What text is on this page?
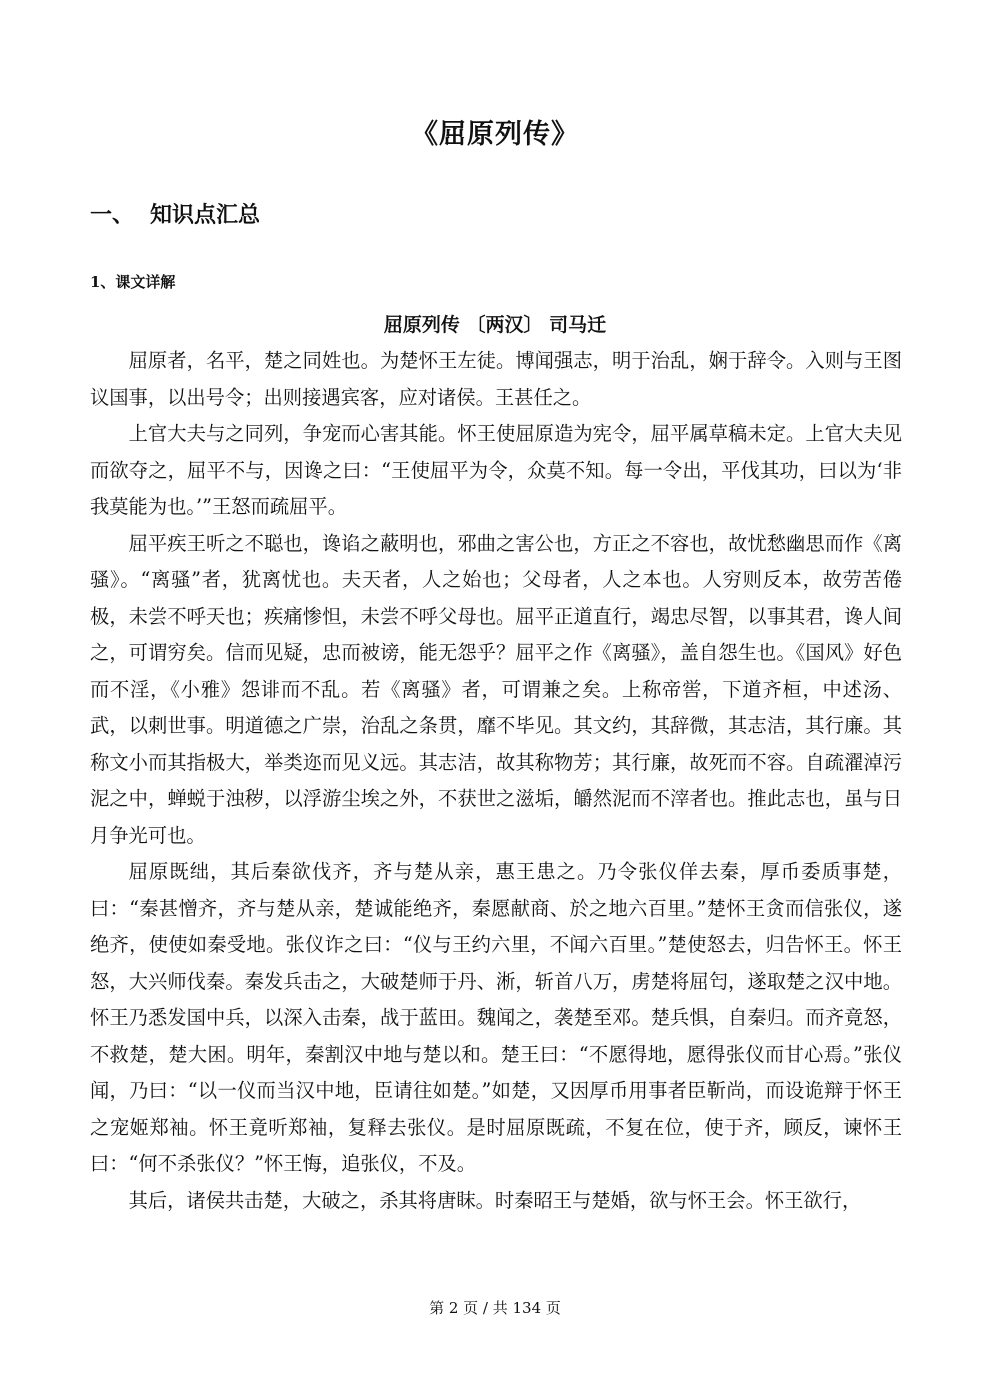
《屈原列传》
一、 知识点汇总
1、课文详解
屈原列传 〔两汉〕 司马迁

屈原者，名平，楚之同姓也。为楚怀王左徒。博闻强志，明于治乱，娴于辞令。入则与王图议国事，以出号令；出则接遇宾客，应对诸侯。王甚任之。

上官大夫与之同列，争宠而心害其能。怀王使屈原造为宪令，屈平属草稿未定。上官大夫见而欲夺之，屈平不与，因谗之曰：“王使屈平为令，众莫不知。每一令出，平伐其功，曰以为‘非我莫能为也。’”王怒而疏屈平。

屈平疾王听之不聪也，谗谄之蔽明也，邪曲之害公也，方正之不容也，故忧愁幽思而作《离骚》。“离骚”者，犹离忧也。夫天者，人之始也；父母者，人之本也。人穷则反本，故劳苦倦极，未尝不呼天也；疾痛惨怛，未尝不呼父母也。屈平正道直行，竭忠尽智，以事其君，谗人间之，可谓穷矣。信而见疑，忠而被谤，能无怨乎？屈平之作《离骚》，盖自怨生也。《国风》好色而不淫，《小雅》怨诽而不乱。若《离骚》者，可谓兼之矣。上称帝喾，下道齐桓，中述汤、武，以刺世事。明道德之广崇，治乱之条贯，靡不毕见。其文约，其辞微，其志洁，其行廉。其称文小而其指极大，举类迩而见义远。其志洁，故其称物芳；其行廉，故死而不容。自疏濯淖污泥之中，蝉蜕于浊秽，以浮游尘埃之外，不获世之滋垢，皭然泥而不滓者也。推此志也，虽与日月争光可也。

屈原既绌，其后秦欲伐齐，齐与楚从亲，惠王患之。乃令张仪佯去秦，厚币委质事楚，曰：“秦甚憎齐，齐与楚从亲，楚诚能绝齐，秦愿献商、於之地六百里。”楚怀王贪而信张仪，遂绝齐，使使如秦受地。张仪诈之曰：“仪与王约六里，不闻六百里。”楚使怒去，归告怀王。怀王怒，大兴师伐秦。秦发兵击之，大破楚师于丹、淅，斩首八万，虏楚将屈匄，遂取楚之汉中地。怀王乃悉发国中兵，以深入击秦，战于蓝田。魏闻之，袭楚至邓。楚兵惧，自秦归。而齐竟怒，不救楚，楚大困。明年，秦割汉中地与楚以和。楚王曰：“不愿得地，愿得张仪而甘心焉。”张仪闻，乃曰：“以一仪而当汉中地，臣请往如楚。”如楚，又因厚币用事者臣靳尚，而设诡辩于怀王之宠姬郑袖。怀王竟听郑袖，复释去张仪。是时屈原既疏，不复在位，使于齐，顾反，谏怀王曰：“何不杀张仪？”怀王悔，追张仪，不及。

其后，诸侯共击楚，大破之，杀其将唐眜。时秦昭王与楚婚，欲与怀王会。怀王欲行，

第 2 页 / 共 134 页
